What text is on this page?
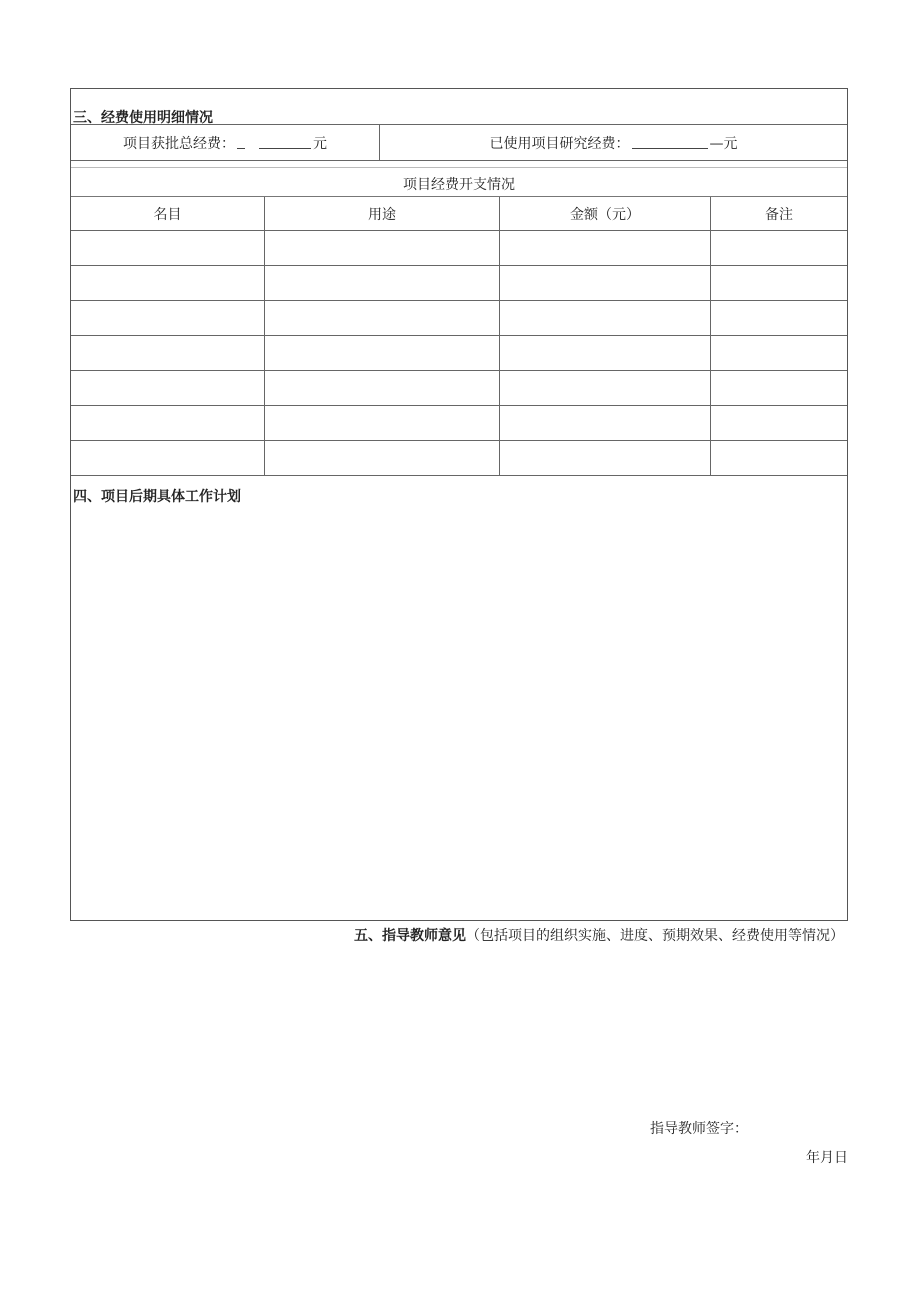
三、经费使用明细情况
项目获批总经费：	元	已使用项目研究经费：	—元
项目经费开支情况
名目	用途	金额（元）	备注
四、项目后期具体工作计划
五、指导教师意见（包括项目的组织实施、进度、预期效果、经费使用等情况）
指导教师签字：
年月日
